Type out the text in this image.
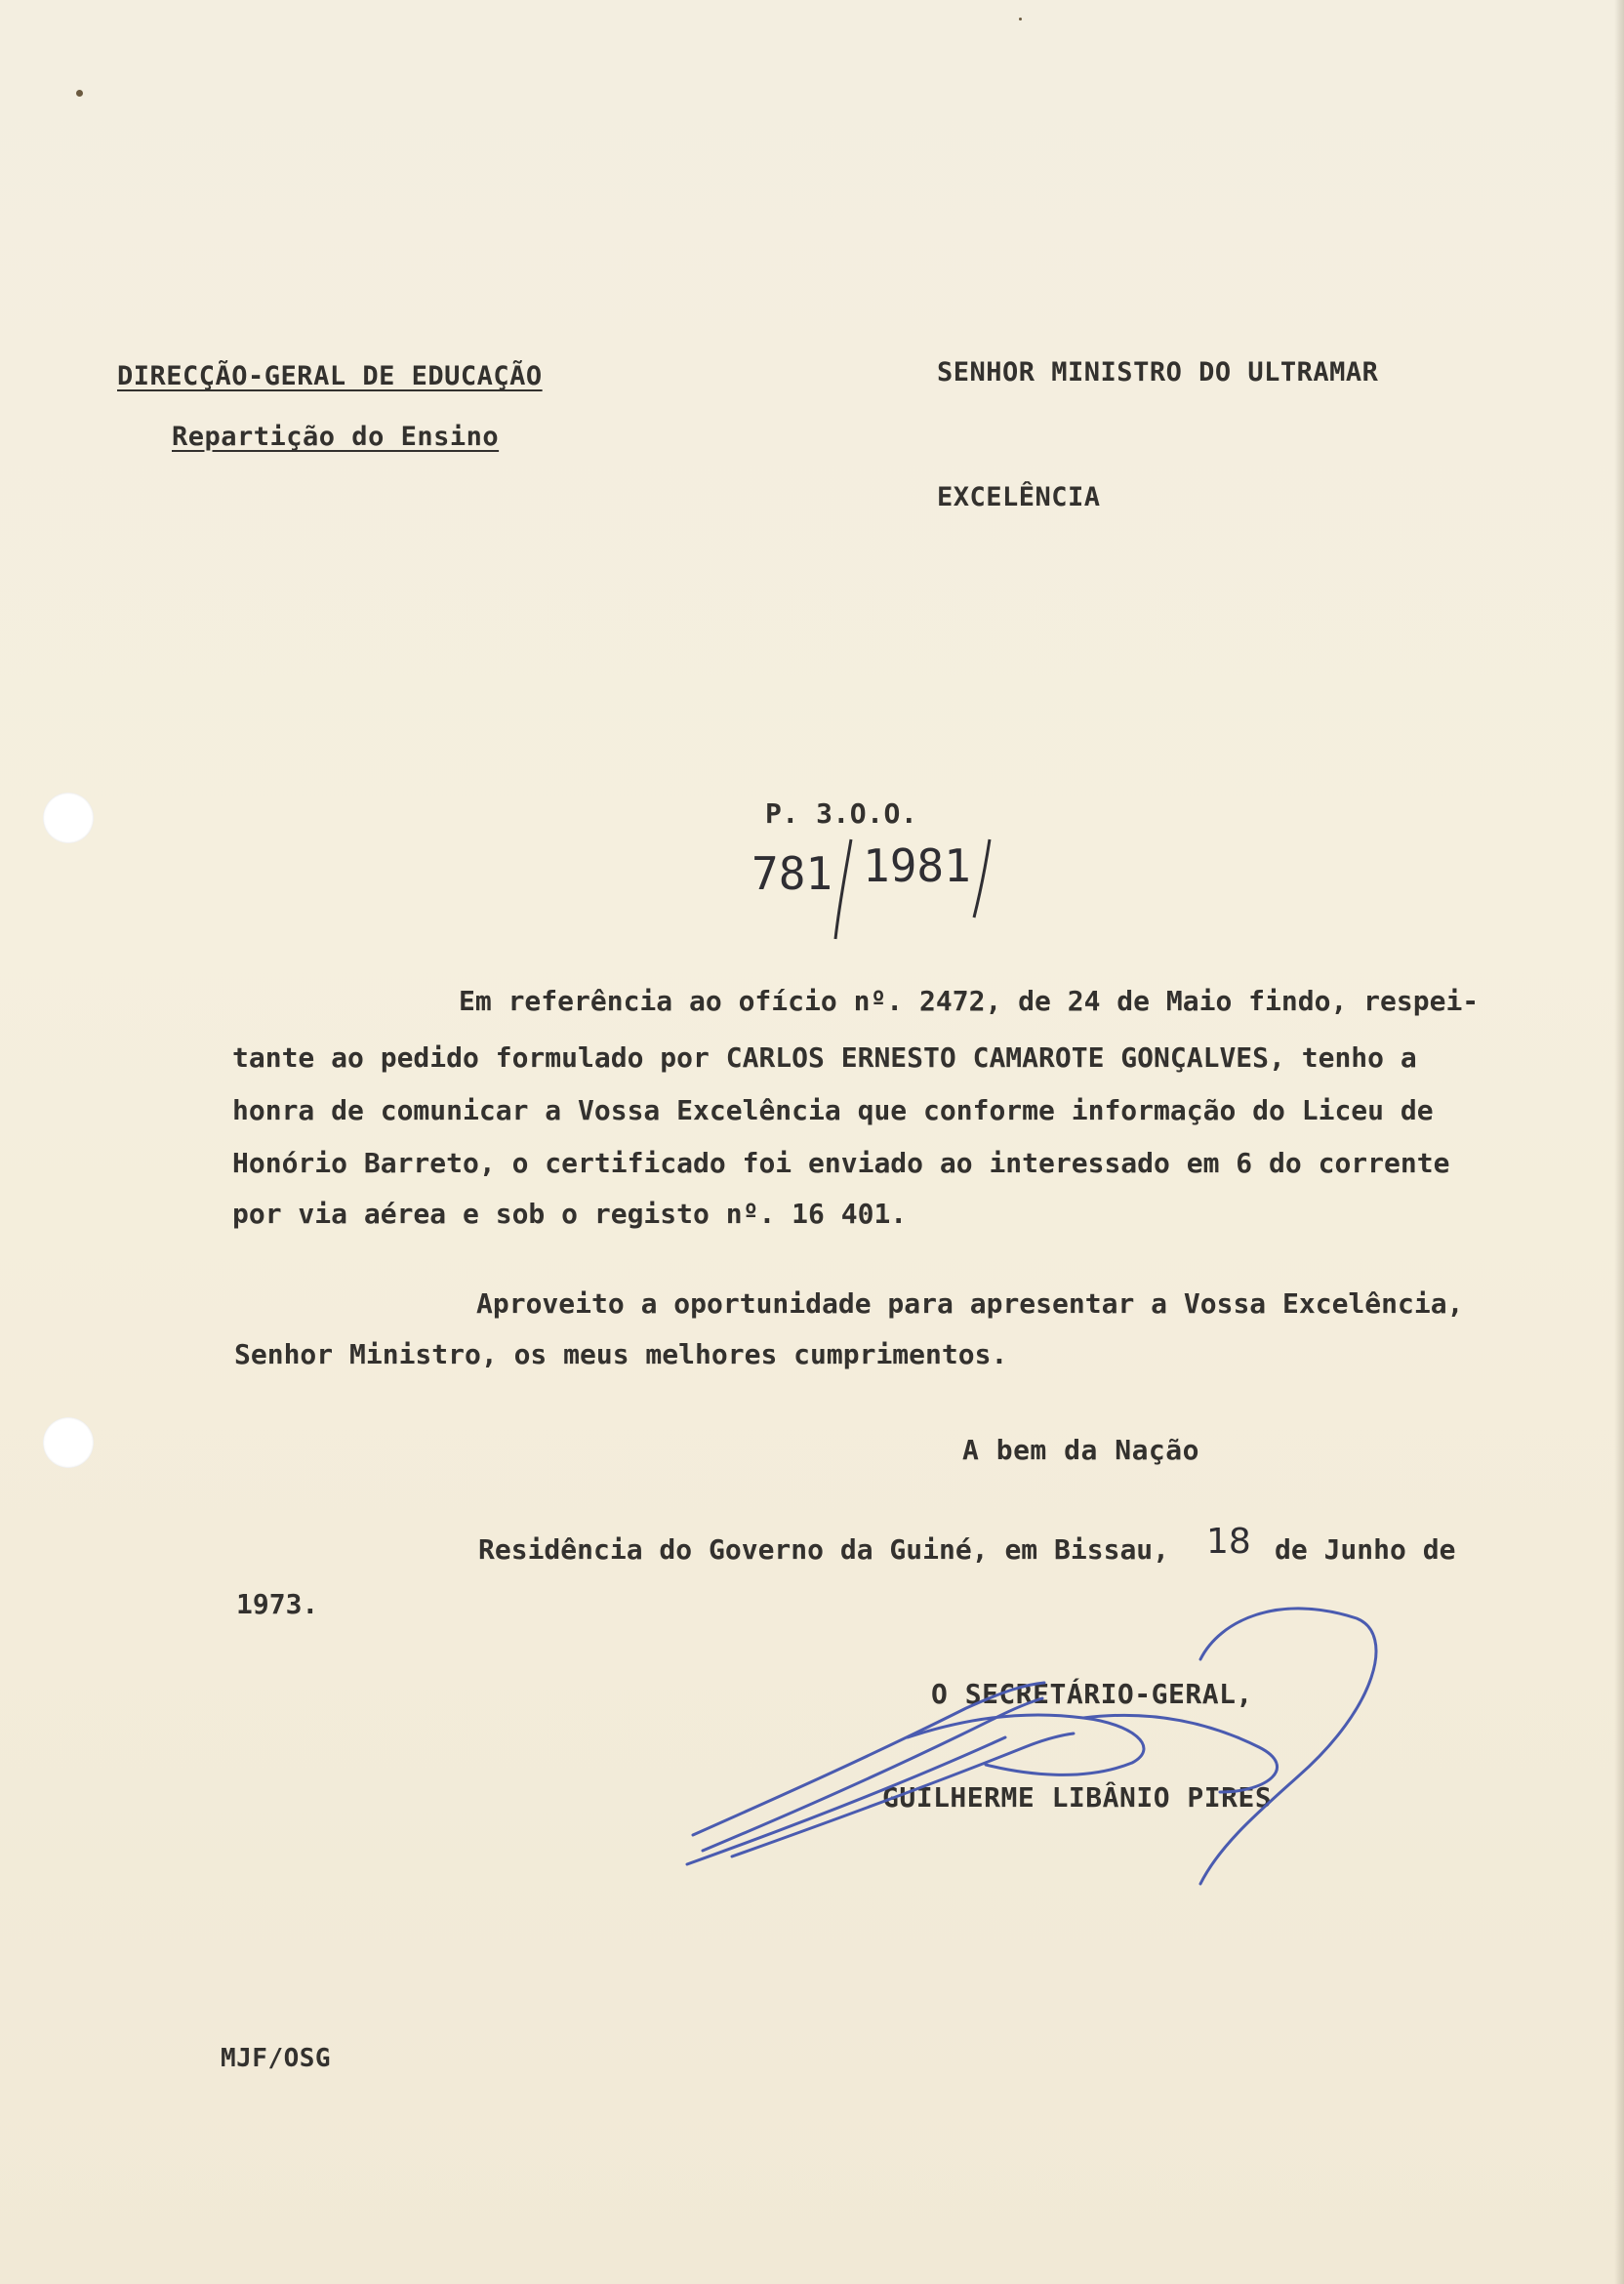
DIRECÇÃO-GERAL DE EDUCAÇÃO
Repartição do Ensino
SENHOR MINISTRO DO ULTRAMAR
EXCELÊNCIA
P. 3.O.O.
781 1981
Em referência ao ofício nº. 2472, de 24 de Maio findo, respei-
tante ao pedido formulado por CARLOS ERNESTO CAMAROTE GONÇALVES, tenho a
honra de comunicar a Vossa Excelência que conforme informação do Liceu de
Honório Barreto, o certificado foi enviado ao interessado em 6 do corrente
por via aérea e sob o registo nº. 16 401.
Aproveito a oportunidade para apresentar a Vossa Excelência,
Senhor Ministro, os meus melhores cumprimentos.
A bem da Nação
Residência do Governo da Guiné, em Bissau, 18 de Junho de
1973.
O SECRETÁRIO-GERAL,
GUILHERME LIBÂNIO PIRES
MJF/OSG
